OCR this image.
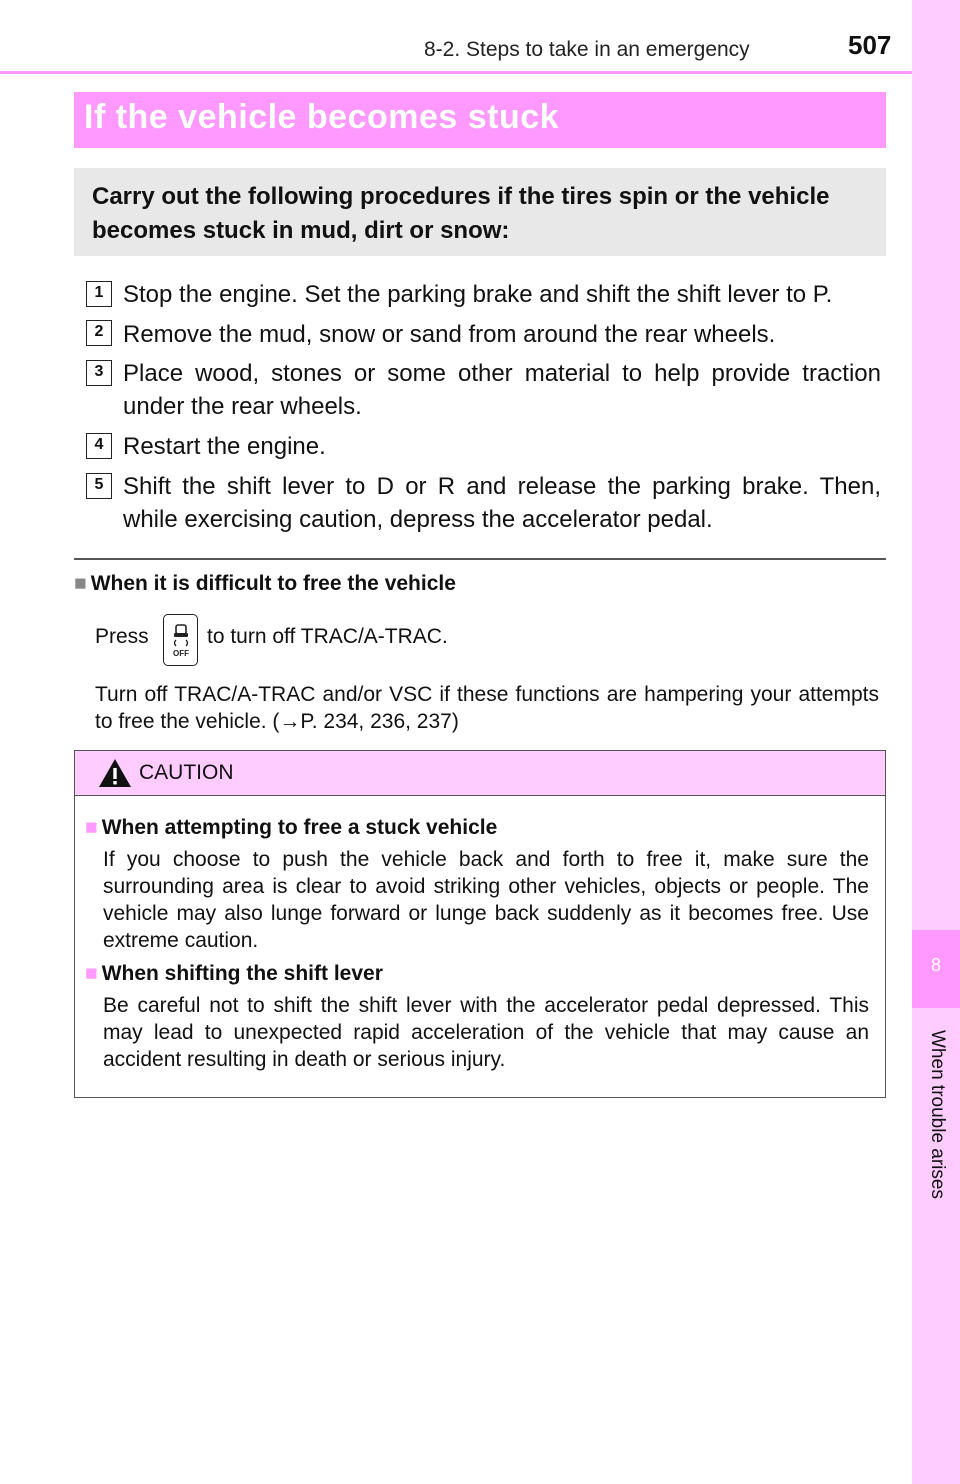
8-2. Steps to take in an emergency	507
8
When trouble arises
If the vehicle becomes stuck
Carry out the following procedures if the tires spin or the vehicle becomes stuck in mud, dirt or snow:
1 Stop the engine. Set the parking brake and shift the shift lever to P.
2 Remove the mud, snow or sand from around the rear wheels.
3 Place wood, stones or some other material to help provide traction under the rear wheels.
4 Restart the engine.
5 Shift the shift lever to D or R and release the parking brake. Then, while exercising caution, depress the accelerator pedal.
■ When it is difficult to free the vehicle
Press
OFF
to turn off TRAC/A-TRAC.
Turn off TRAC/A-TRAC and/or VSC if these functions are hampering your attempts to free the vehicle. (→P. 234, 236, 237)
CAUTION
■ When attempting to free a stuck vehicle
If you choose to push the vehicle back and forth to free it, make sure the surrounding area is clear to avoid striking other vehicles, objects or people. The vehicle may also lunge forward or lunge back suddenly as it becomes free. Use extreme caution.
■ When shifting the shift lever
Be careful not to shift the shift lever with the accelerator pedal depressed. This may lead to unexpected rapid acceleration of the vehicle that may cause an accident resulting in death or serious injury.
